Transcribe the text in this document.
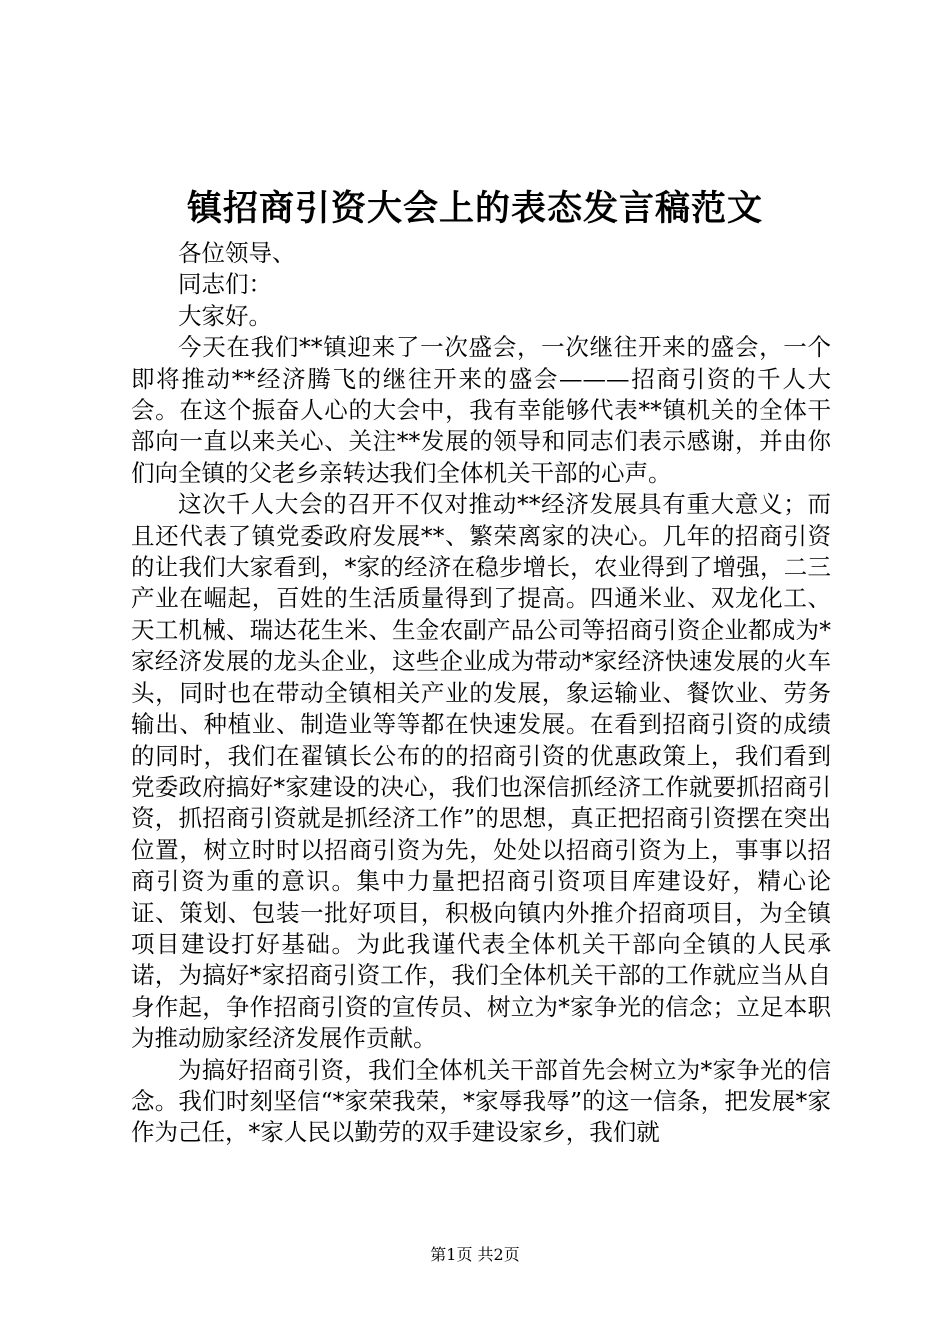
镇招商引资大会上的表态发言稿范文

各位领导、

同志们：

大家好。

今天在我们**镇迎来了一次盛会，一次继往开来的盛会，一个即将推动**经济腾飞的继往开来的盛会———招商引资的千人大会。在这个振奋人心的大会中，我有幸能够代表**镇机关的全体干部向一直以来关心、关注**发展的领导和同志们表示感谢，并由你们向全镇的父老乡亲转达我们全体机关干部的心声。

这次千人大会的召开不仅对推动**经济发展具有重大意义；而且还代表了镇党委政府发展**、繁荣离家的决心。几年的招商引资的让我们大家看到，*家的经济在稳步增长，农业得到了增强，二三产业在崛起，百姓的生活质量得到了提高。四通米业、双龙化工、天工机械、瑞达花生米、生金农副产品公司等招商引资企业都成为*家经济发展的龙头企业，这些企业成为带动*家经济快速发展的火车头，同时也在带动全镇相关产业的发展，象运输业、餐饮业、劳务输出、种植业、制造业等等都在快速发展。在看到招商引资的成绩的同时，我们在翟镇长公布的的招商引资的优惠政策上，我们看到党委政府搞好*家建设的决心，我们也深信抓经济工作就要抓招商引资，抓招商引资就是抓经济工作”的思想，真正把招商引资摆在突出位置，树立时时以招商引资为先，处处以招商引资为上，事事以招商引资为重的意识。集中力量把招商引资项目库建设好，精心论证、策划、包装一批好项目，积极向镇内外推介招商项目，为全镇项目建设打好基础。为此我谨代表全体机关干部向全镇的人民承诺，为搞好*家招商引资工作，我们全体机关干部的工作就应当从自身作起，争作招商引资的宣传员、树立为*家争光的信念；立足本职为推动励家经济发展作贡献。

为搞好招商引资，我们全体机关干部首先会树立为*家争光的信念。我们时刻坚信“*家荣我荣，*家辱我辱”的这一信条，把发展*家作为己任，*家人民以勤劳的双手建设家乡，我们就

第1页 共2页
